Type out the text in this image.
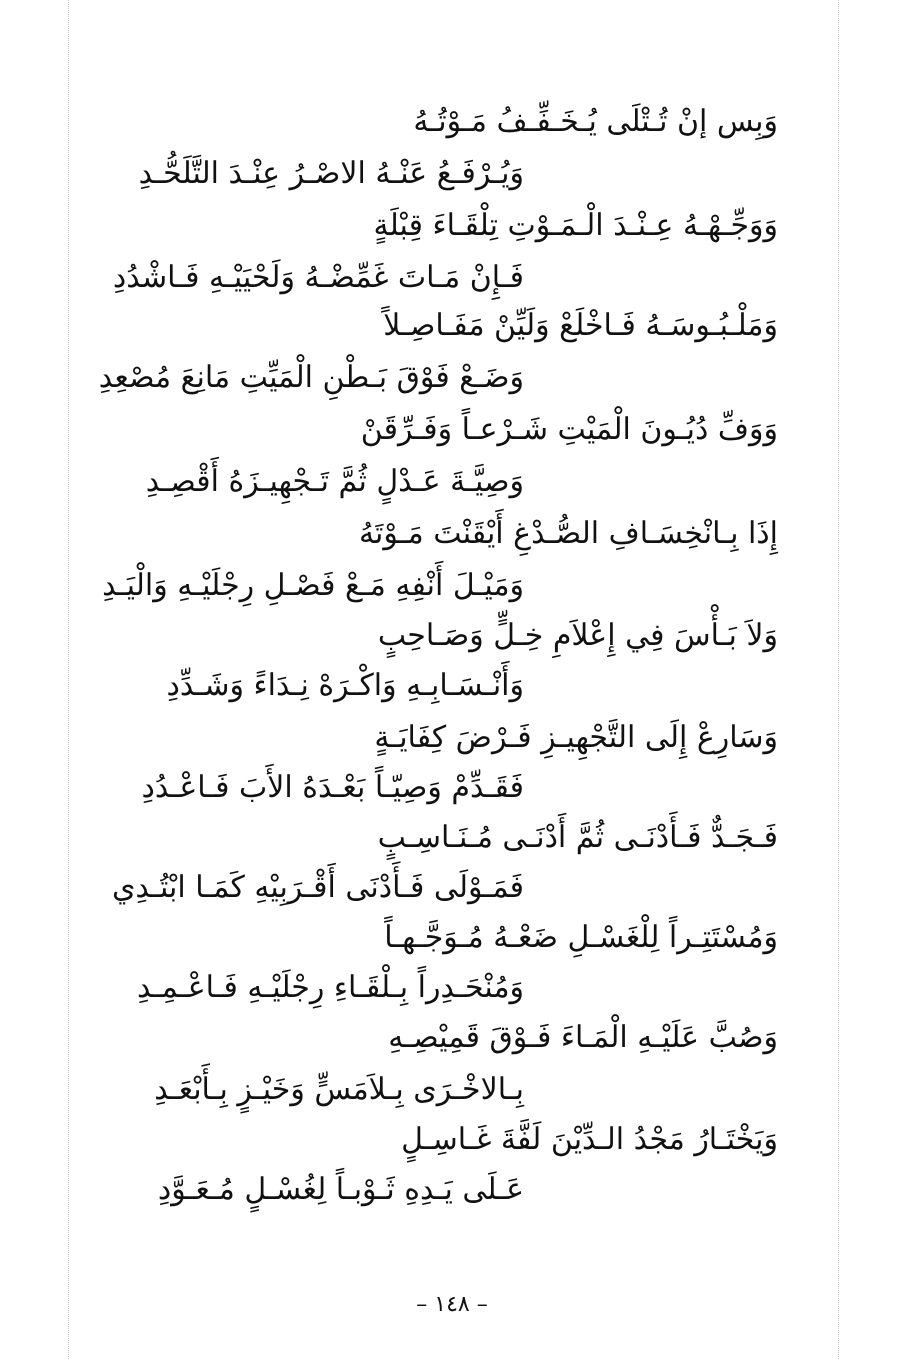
وَبِس إنْ تُـتْلَى يُـخَـفِّـفُ مَـوْتُـهُ
وَيُـرْفَـعُ عَنْـهُ الاصْـرُ عِنْـدَ التَّلَحُّـدِ
وَوَجِّـهْـهُ عِـنْـدَ الْـمَـوْتِ تِلْقَـاءَ قِبْلَةٍ
فَـإِنْ مَـاتَ غَمِّضْـهُ وَلَحْيَيْـهِ فَـاشْدُدِ
وَمَلْـبُـوسَـهُ فَـاخْلَعْ وَلَيِّنْ مَفَـاصِـلاً
وَضَـعْ فَوْقَ بَـطْنِ الْمَيِّتِ مَانِعَ مُصْعِدِ
وَوَفِّ دُيُـونَ الْمَيْتِ شَـرْعـاً وَفَـرِّقَنْ
وَصِيَّـةَ عَـدْلٍ ثُمَّ تَـجْهِيـزَهُ أَقْصِـدِ
إِذَا بِـانْخِسَـافِ الصُّـدْغِ أَيْقَنْتَ مَـوْتَهُ
وَمَيْـلَ أَنْفِهِ مَـعْ فَصْـلِ رِجْلَيْـهِ وَالْيَـدِ
وَلاَ بَـأْسَ فِي إِعْلاَمِ خِـلٍّ وَصَـاحِبٍ
وَأَنْـسَـابِـهِ وَاكْـرَهْ نِـدَاءً وَشَـدِّدِ
وَسَارِعْ إِلَى التَّجْهِيـزِ فَـرْضَ كِفَايَـةٍ
فَقَـدِّمْ وَصِيّـاً بَعْـدَهُ الأَبَ فَـاعْـدُدِ
فَـجَـدٌّ فَـأَدْنَـى ثُمَّ أَدْنَـى مُـنَـاسِـبٍ
فَمَـوْلَى فَـأَدْنَى أَقْـرَبِيْهِ كَمَـا ابْتُـدِي
وَمُسْتَتِـراً لِلْغَسْـلِ ضَعْـهُ مُـوَجَّـهـاً
وَمُنْحَـدِراً بِـلْقَـاءِ رِجْلَيْـهِ فَـاعْـمِـدِ
وَصُبَّ عَلَيْـهِ الْمَـاءَ فَـوْقَ قَمِيْصِـهِ
بِـالاخْـرَى بِـلاَمَسٍّ وَخَيْـزٍ بِـأَبْعَـدِ
وَيَخْتَـارُ مَجْدُ الـدِّيْنَ لَفَّةَ غَـاسِـلٍ
عَـلَى يَـدِهِ ثَـوْبـاً لِغُسْـلٍ مُـعَـوَّدِ
– ١٤٨ –
